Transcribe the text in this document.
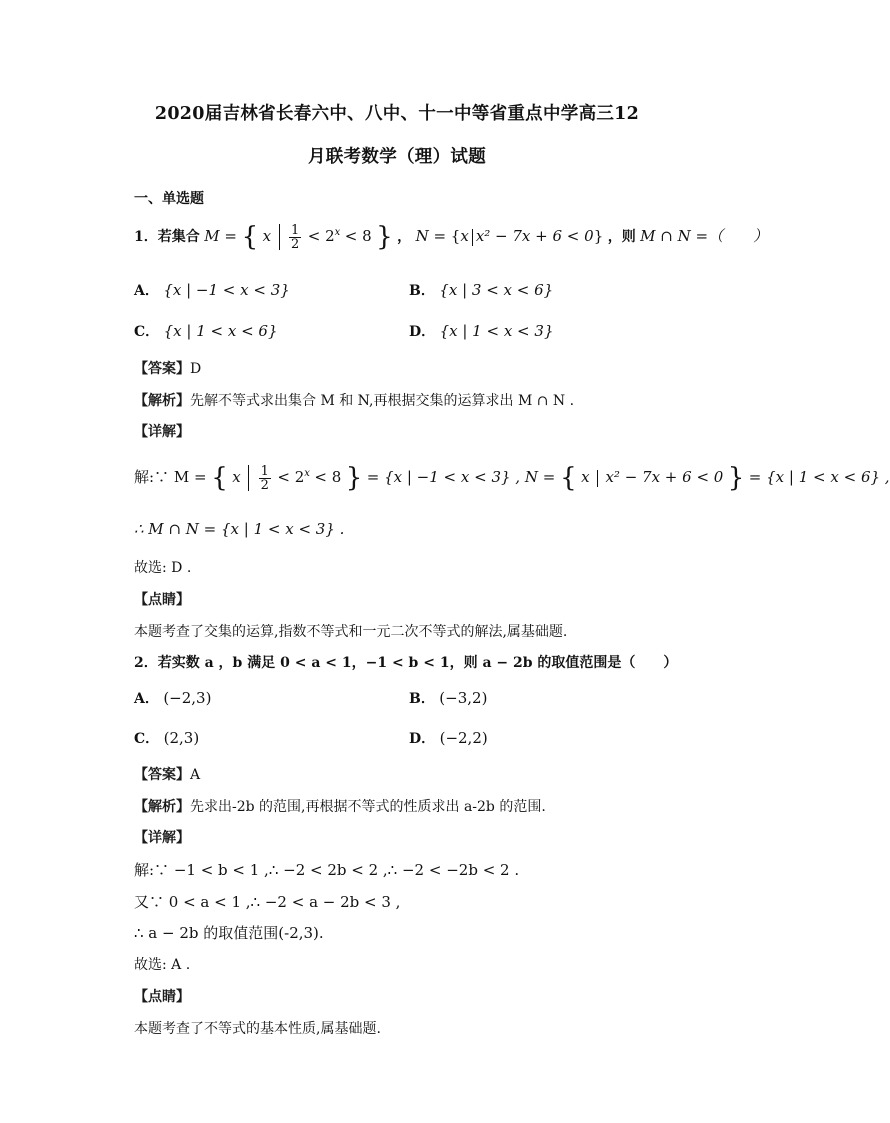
2020届吉林省长春六中、八中、十一中等省重点中学高三12
月联考数学（理）试题
一、单选题
1．若集合 M = { x $\frac{1}{2} < 2^x < 8$ } ， N = {x x² − 7x + 6 < 0} ，则 M ∩ N =（　　）
A． {x | −1 < x < 3}	B． {x | 3 < x < 6}
C． {x | 1 < x < 6}	D． {x | 1 < x < 3}
【 答案 】 D
【 解析 】 先解不等式求出集合 M 和 N,再根据交集的运算求出 M ∩ N .
【 详解 】
解:∵ M = { x $\frac{1}{2} < 2^x < 8$ } = {x | −1 < x < 3} , N = { x x² − 7x + 6 < 0 } = {x | 1 < x < 6} ,
∴ M ∩ N = {x | 1 < x < 3} .
故选: D .
【 点睛 】
本题考查了交集的运算,指数不等式和一元二次不等式的解法,属基础题.
2．若实数 a ，b 满足 0 < a < 1，−1 < b < 1，则 a − 2b 的取值范围是（　　）
A． (−2,3)	B． (−3,2)
C． (2,3)	D． (−2,2)
【 答案 】 A
【 解析 】 先求出-2b 的范围,再根据不等式的性质求出 a-2b 的范围.
【 详解 】
解:∵ −1 < b < 1 ,∴ −2 < 2b < 2 ,∴ −2 < −2b < 2 .
又∵ 0 < a < 1 ,∴ −2 < a − 2b < 3 ,
∴ a − 2b 的取值范围(-2,3).
故选: A .
【 点睛 】
本题考查了不等式的基本性质,属基础题.
